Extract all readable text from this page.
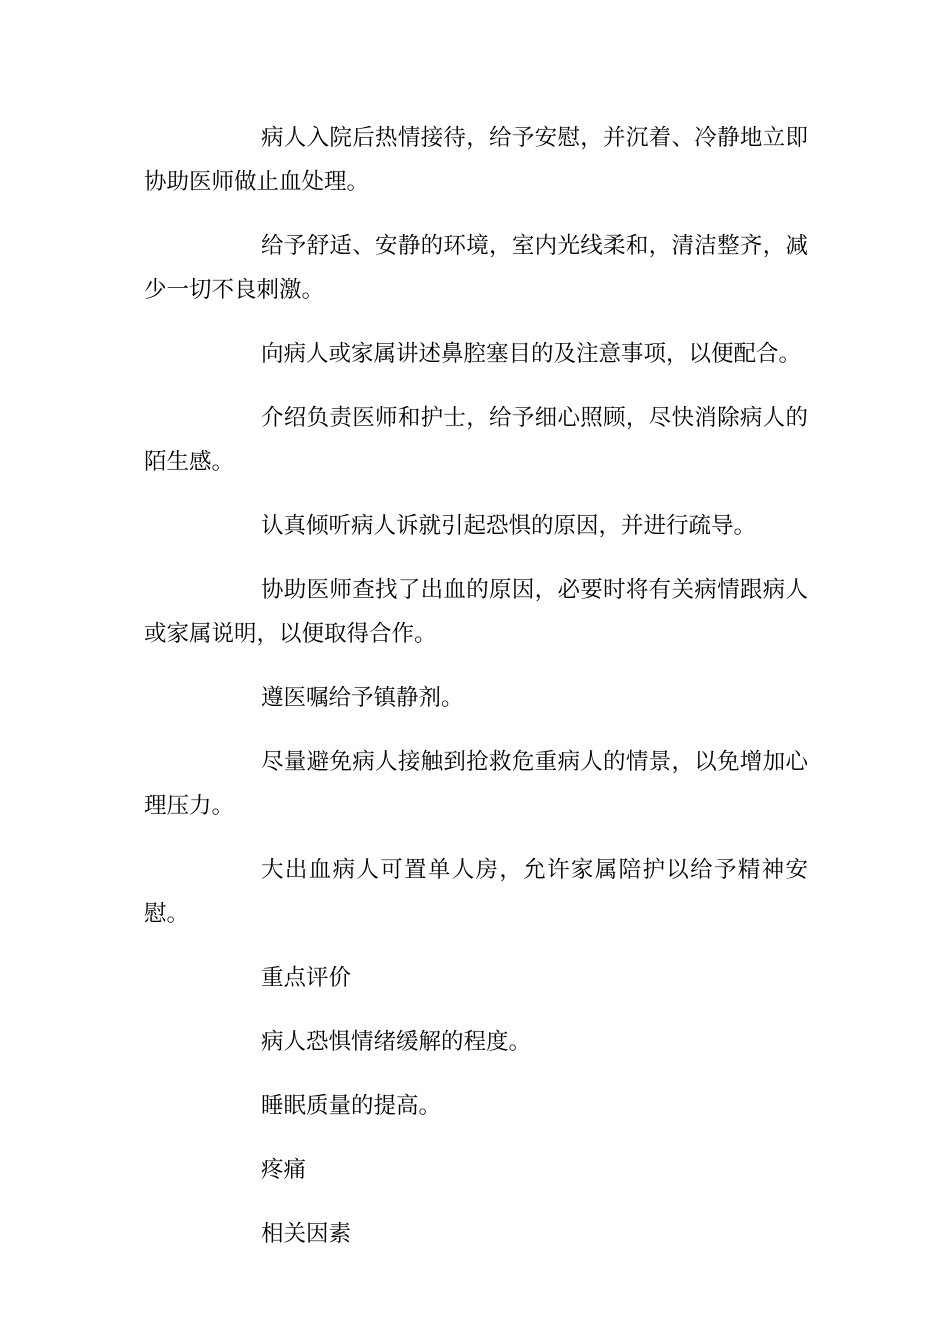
病人入院后热情接待，给予安慰，并沉着、冷静地立即协助医师做止血处理。

给予舒适、安静的环境，室内光线柔和，清洁整齐，减少一切不良刺激。

向病人或家属讲述鼻腔塞目的及注意事项，以便配合。

介绍负责医师和护士，给予细心照顾，尽快消除病人的陌生感。

认真倾听病人诉就引起恐惧的原因，并进行疏导。

协助医师查找了出血的原因，必要时将有关病情跟病人或家属说明，以便取得合作。

遵医嘱给予镇静剂。

尽量避免病人接触到抢救危重病人的情景，以免增加心理压力。

大出血病人可置单人房，允许家属陪护以给予精神安慰。

重点评价

病人恐惧情绪缓解的程度。

睡眠质量的提高。

疼痛

相关因素
